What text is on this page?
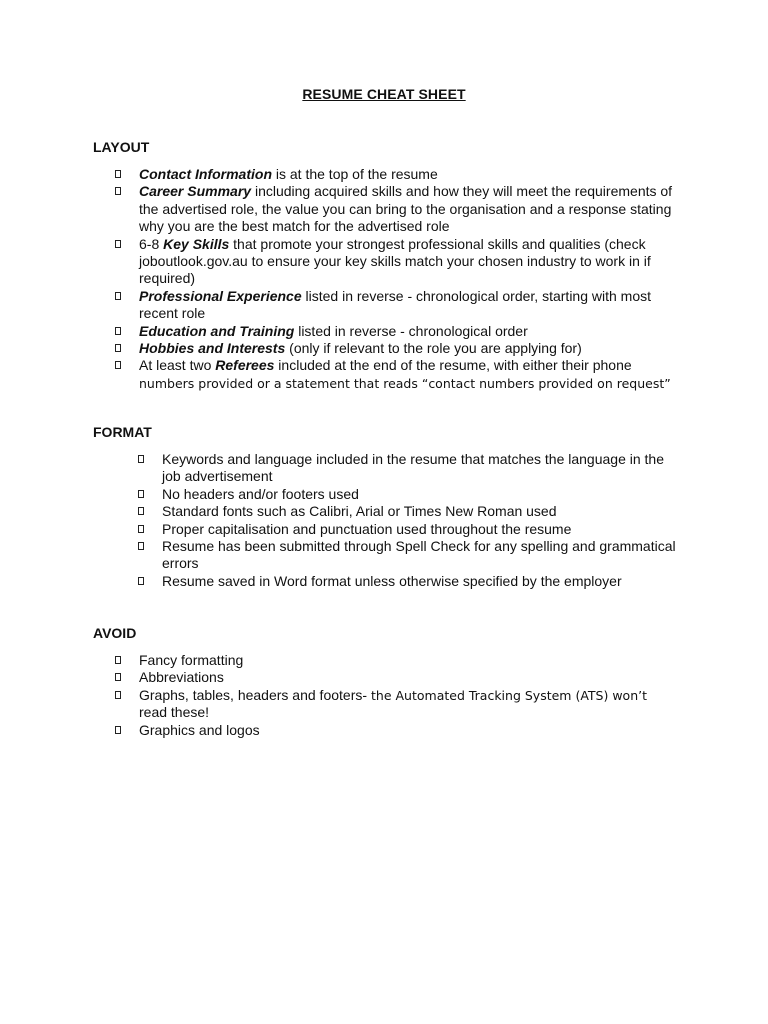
RESUME CHEAT SHEET
LAYOUT
Contact Information is at the top of the resume
Career Summary including acquired skills and how they will meet the requirements of the advertised role, the value you can bring to the organisation and a response stating why you are the best match for the advertised role
6-8 Key Skills that promote your strongest professional skills and qualities (check joboutlook.gov.au to ensure your key skills match your chosen industry to work in if required)
Professional Experience listed in reverse - chronological order, starting with most recent role
Education and Training listed in reverse - chronological order
Hobbies and Interests (only if relevant to the role you are applying for)
At least two Referees included at the end of the resume, with either their phone
numbers provided or a statement that reads “contact numbers provided on request”
FORMAT
Keywords and language included in the resume that matches the language in the job advertisement
No headers and/or footers used
Standard fonts such as Calibri, Arial or Times New Roman used
Proper capitalisation and punctuation used throughout the resume
Resume has been submitted through Spell Check for any spelling and grammatical errors
Resume saved in Word format unless otherwise specified by the employer
AVOID
Fancy formatting
Abbreviations
Graphs, tables, headers and footers- the Automated Tracking System (ATS) won’t
read these!
Graphics and logos
